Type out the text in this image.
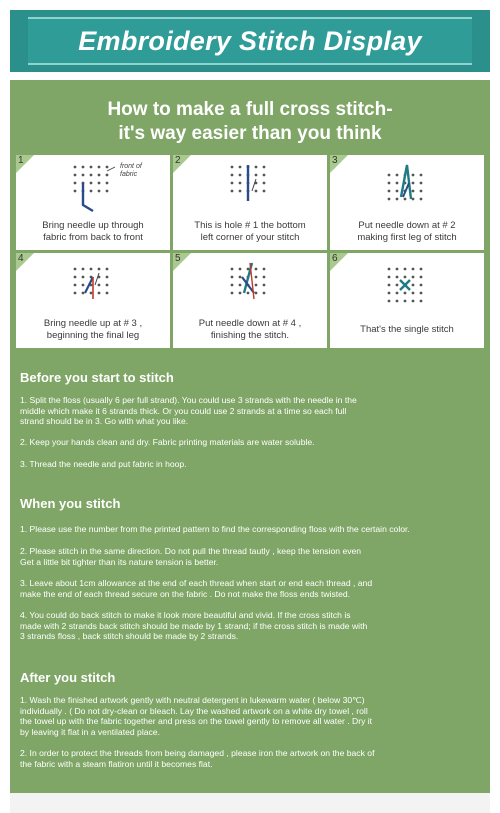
Embroidery Stitch Display
How to make a full cross stitch-
it's way easier than you think
1
front of
fabric
Bring needle up through
fabric from back to front
2
This is hole # 1 the bottom
left corner of your stitch
3
Put needle down at # 2
making first leg of stitch
4
Bring needle up at # 3 ,
beginning the final leg
5
Put needle down at # 4 ,
finishing the stitch.
6
That's the single stitch
Before you start to stitch
1. Split the floss (usually 6 per full strand). You could use 3 strands with the needle in the
middle which make it 6 strands thick. Or you could use 2 strands at a time so each full
strand should be in 3. Go with what you like.
2. Keep your hands clean and dry. Fabric printing materials are water soluble.
3. Thread the needle and put fabric in hoop.
When you stitch
1. Please use the number from the printed pattern to find the corresponding floss with the certain color.
2. Please stitch in the same direction. Do not pull the thread tautly , keep the tension even
Get a little bit tighter than its nature tension is better.
3. Leave about 1cm allowance at the end of each thread when start or end each thread , and
make the end of each thread secure on the fabric . Do not make the floss ends twisted.
4. You could do back stitch to make it look more beautiful and vivid. If the cross stitch is
made with 2 strands back stitch should be made by 1 strand; if the cross stitch is made with
3 strands floss , back stitch should be made by 2 strands.
After you stitch
1. Wash the finished artwork gently with neutral detergent in lukewarm water ( below 30℃)
individually . ( Do not dry-clean or bleach. Lay the washed artwork on a white dry towel , roll
the towel up with the fabric together and press on the towel gently to remove all water . Dry it
by leaving it flat in a ventilated place.
2. In order to protect the threads from being damaged , please iron the artwork on the back of
the fabric with a steam flatiron until it becomes flat.
